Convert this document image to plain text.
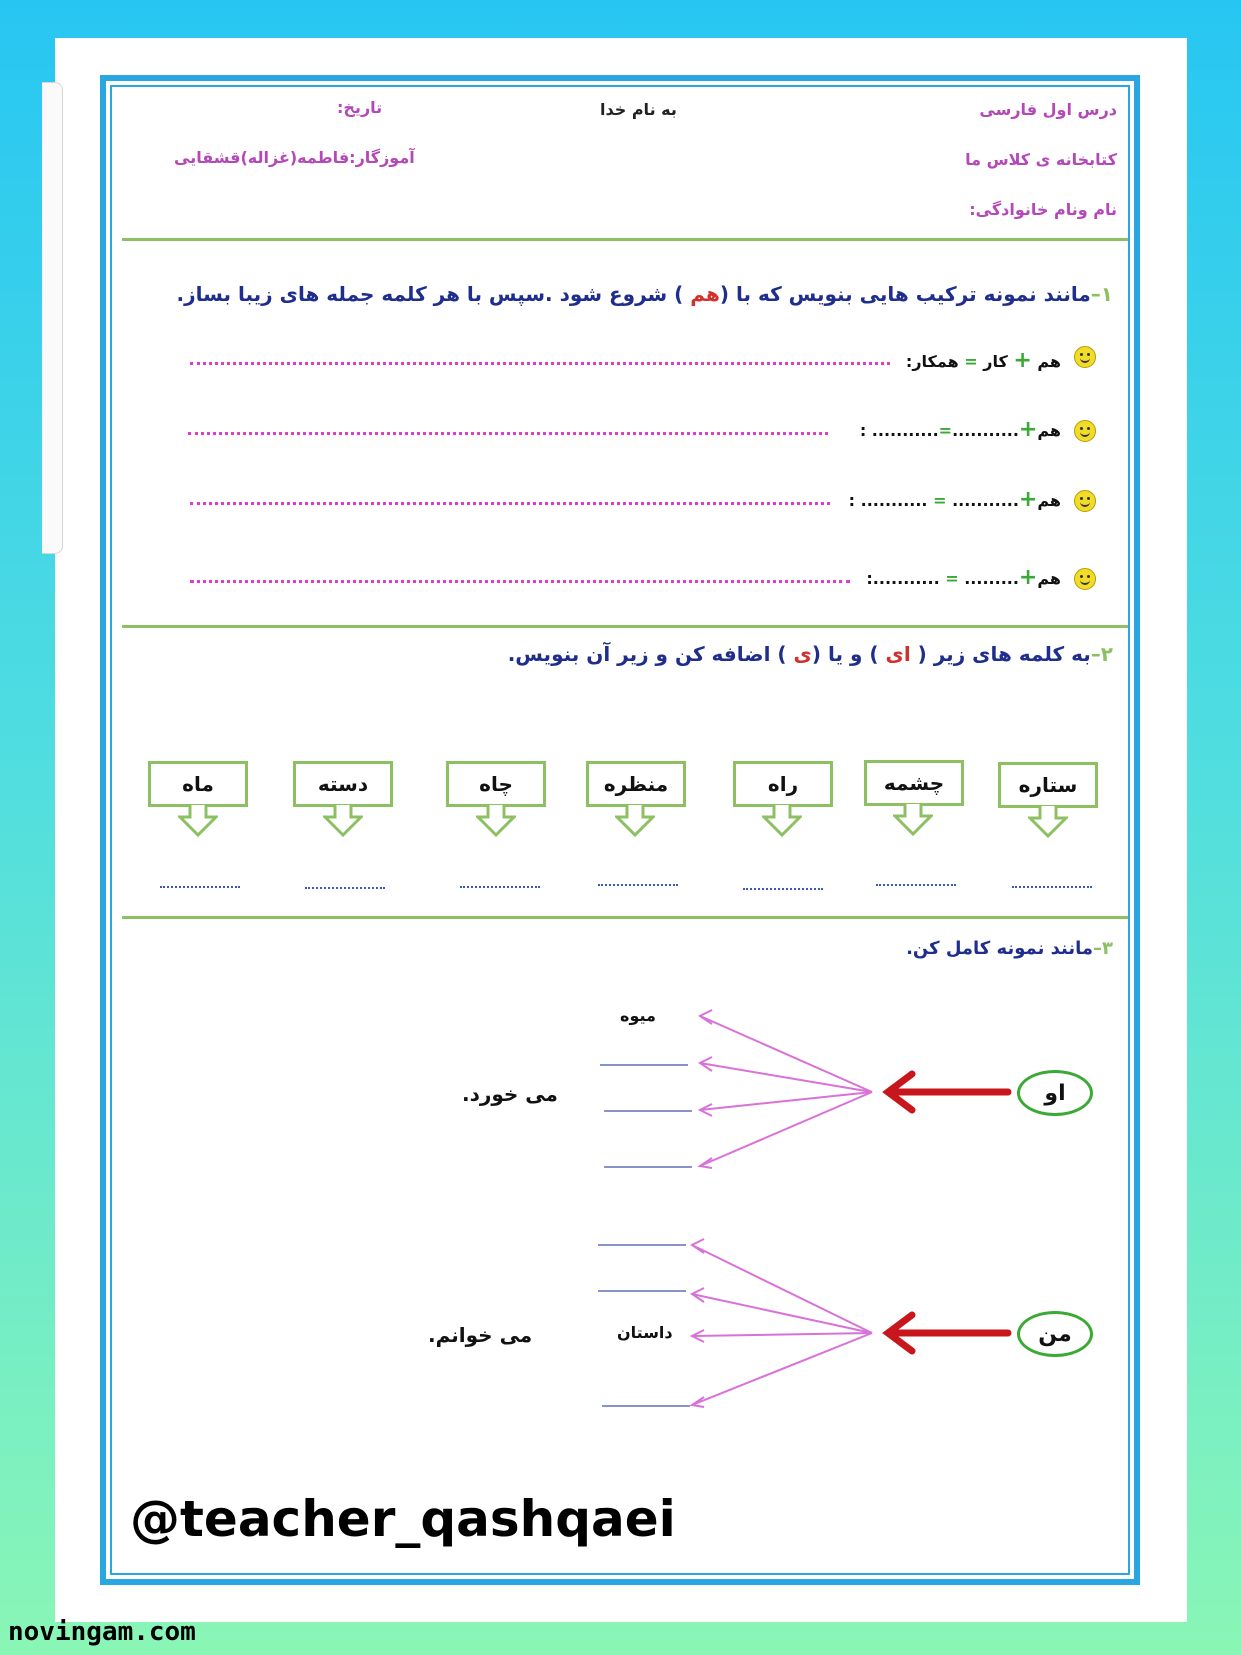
درس اول فارسی
به نام خدا
تاریخ:
کتابخانه ی کلاس ما
آموزگار:فاطمه(غزاله)قشقایی
نام ونام خانوادگی:
۱–مانند نمونه ترکیب هایی بنویس که با (هم ) شروع شود .سپس با هر کلمه جمله های زیبا بساز.
هم + کار = همکار:
هم+...........=........... :
هم+........... = ........... :
هم+......... = ...........:
۲–به کلمه های زیر ( ای ) و یا (ی ) اضافه کن و زیر آن بنویس.
ستاره
چشمه
راه
منظره
چاه
دسته
ماه
۳–مانند نمونه کامل کن.
او
من
میوه
می خورد.
داستان
می خوانم.
@teacher_qashqaei
novingam.com
